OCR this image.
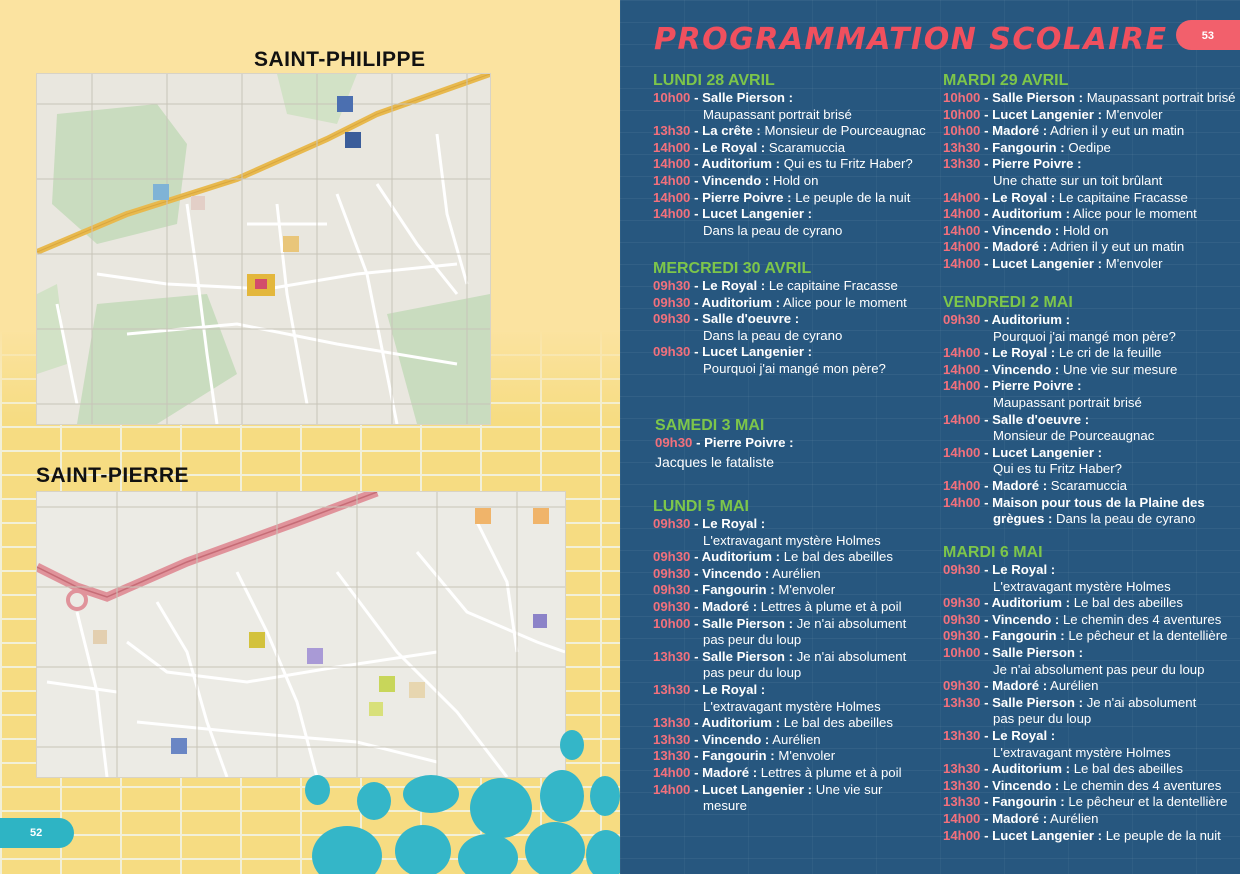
SAINT-PHILIPPE
SAINT-PIERRE
52
PROGRAMMATION SCOLAIRE	53
LUNDI 28 AVRIL
10h00 - Salle Pierson :
Maupassant portrait brisé
13h30 - La crête : Monsieur de Pourceaugnac
14h00 - Le Royal : Scaramuccia
14h00 - Auditorium : Qui es tu Fritz Haber?
14h00 - Vincendo : Hold on
14h00 - Pierre Poivre : Le peuple de la nuit
14h00 - Lucet Langenier :
Dans la peau de cyrano
MERCREDI 30 AVRIL
09h30 - Le Royal : Le capitaine Fracasse
09h30 - Auditorium : Alice pour le moment
09h30 - Salle d'oeuvre :
Dans la peau de cyrano
09h30 - Lucet Langenier :
Pourquoi j'ai mangé mon père?
SAMEDI 3 MAI
09h30 - Pierre Poivre :
Jacques le fataliste
LUNDI 5 MAI
09h30 - Le Royal :
L'extravagant mystère Holmes
09h30 - Auditorium : Le bal des abeilles
09h30 - Vincendo : Aurélien
09h30 - Fangourin : M'envoler
09h30 - Madoré : Lettres à plume et à poil
10h00 - Salle Pierson : Je n'ai absolument
pas peur du loup
13h30 - Salle Pierson : Je n'ai absolument
pas peur du loup
13h30 - Le Royal :
L'extravagant mystère Holmes
13h30 - Auditorium : Le bal des abeilles
13h30 - Vincendo : Aurélien
13h30 - Fangourin : M'envoler
14h00 - Madoré : Lettres à plume et à poil
14h00 - Lucet Langenier : Une vie sur
mesure
MARDI 29 AVRIL
10h00 - Salle Pierson : Maupassant portrait brisé
10h00 - Lucet Langenier : M'envoler
10h00 - Madoré : Adrien il y eut un matin
13h30 - Fangourin : Oedipe
13h30 - Pierre Poivre :
Une chatte sur un toit brûlant
14h00 - Le Royal : Le capitaine Fracasse
14h00 - Auditorium : Alice pour le moment
14h00 - Vincendo : Hold on
14h00 - Madoré : Adrien il y eut un matin
14h00 - Lucet Langenier : M'envoler
VENDREDI 2 MAI
09h30 - Auditorium :
Pourquoi j'ai mangé mon père?
14h00 - Le Royal : Le cri de la feuille
14h00 - Vincendo : Une vie sur mesure
14h00 - Pierre Poivre :
Maupassant portrait brisé
14h00 - Salle d'oeuvre :
Monsieur de Pourceaugnac
14h00 - Lucet Langenier :
Qui es tu Fritz Haber?
14h00 - Madoré : Scaramuccia
14h00 - Maison pour tous de la Plaine des
grègues : Dans la peau de cyrano
MARDI 6 MAI
09h30 - Le Royal :
L'extravagant mystère Holmes
09h30 - Auditorium : Le bal des abeilles
09h30 - Vincendo : Le chemin des 4 aventures
09h30 - Fangourin : Le pêcheur et la dentellière
10h00 - Salle Pierson :
Je n'ai absolument pas peur du loup
09h30 - Madoré : Aurélien
13h30 - Salle Pierson : Je n'ai absolument
pas peur du loup
13h30 - Le Royal :
L'extravagant mystère Holmes
13h30 - Auditorium : Le bal des abeilles
13h30 - Vincendo : Le chemin des 4 aventures
13h30 - Fangourin : Le pêcheur et la dentellière
14h00 - Madoré : Aurélien
14h00 - Lucet Langenier : Le peuple de la nuit
